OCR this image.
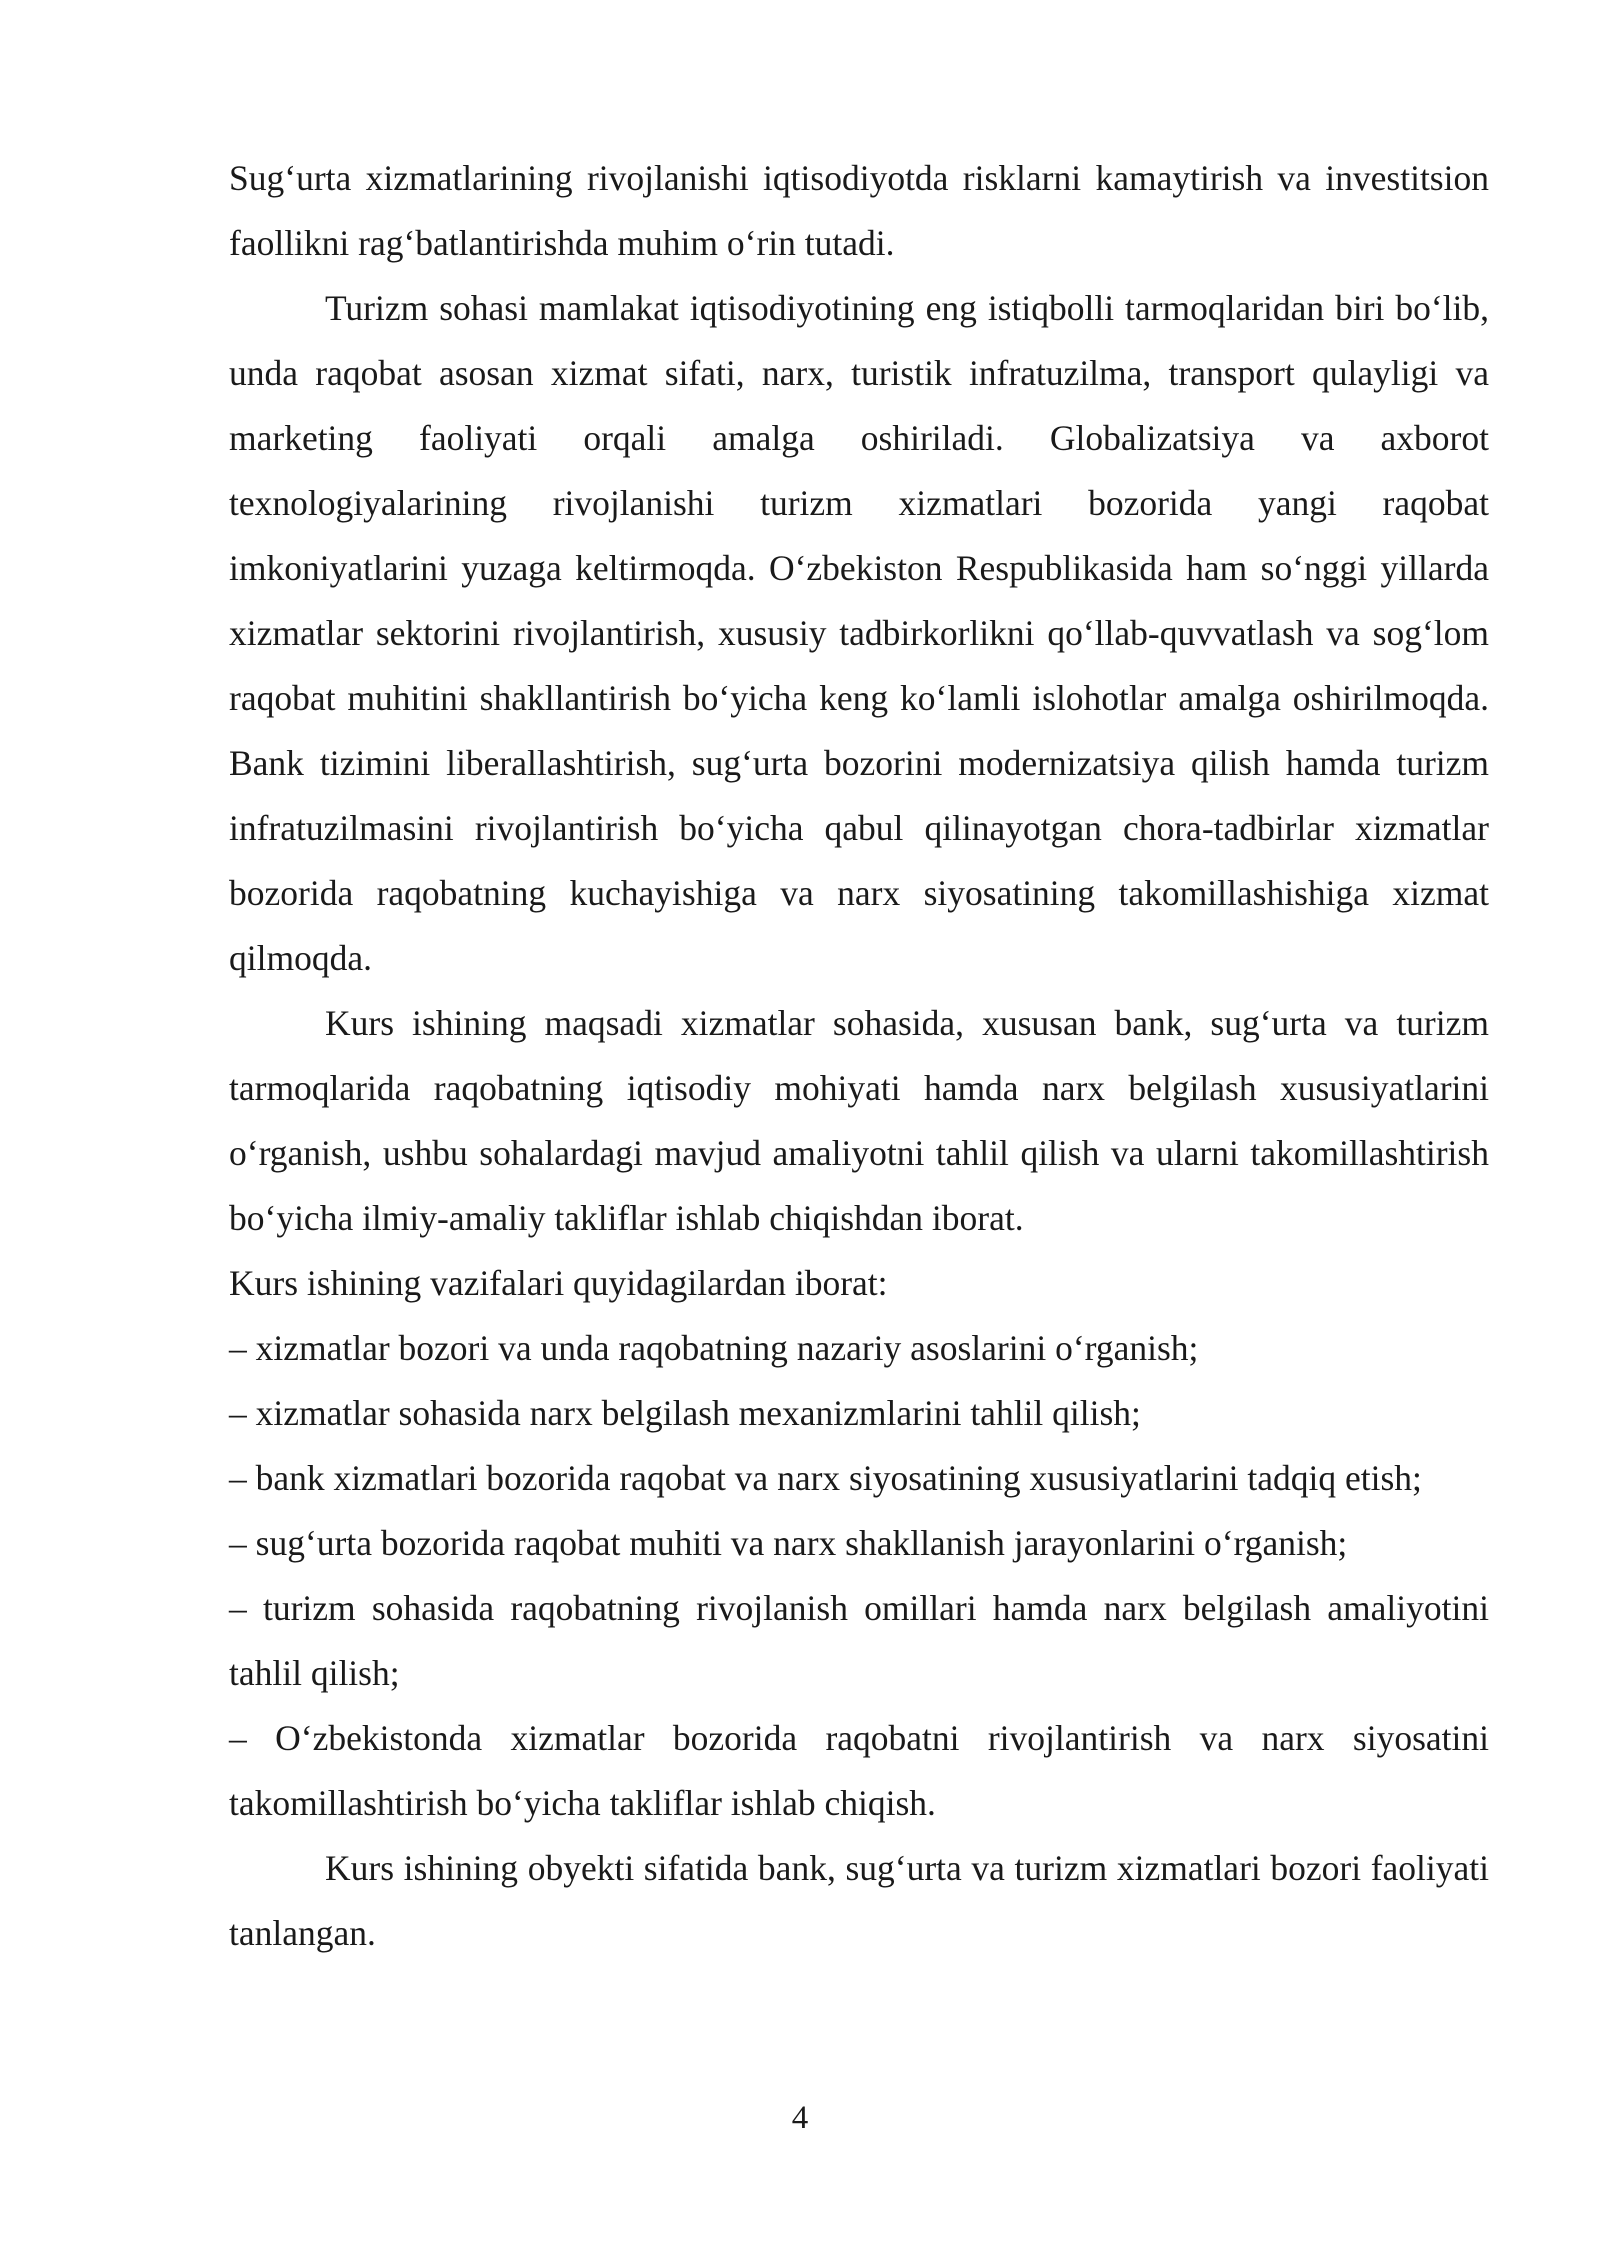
Sug‘urta xizmatlarining rivojlanishi iqtisodiyotda risklarni kamaytirish va investitsion faollikni rag‘batlantirishda muhim o‘rin tutadi.

Turizm sohasi mamlakat iqtisodiyotining eng istiqbolli tarmoqlaridan biri bo‘lib, unda raqobat asosan xizmat sifati, narx, turistik infratuzilma, transport qulayligi va marketing faoliyati orqali amalga oshiriladi. Globalizatsiya va axborot texnologiyalarining rivojlanishi turizm xizmatlari bozorida yangi raqobat imkoniyatlarini yuzaga keltirmoqda. O‘zbekiston Respublikasida ham so‘nggi yillarda xizmatlar sektorini rivojlantirish, xususiy tadbirkorlikni qo‘llab-quvvatlash va sog‘lom raqobat muhitini shakllantirish bo‘yicha keng ko‘lamli islohotlar amalga oshirilmoqda. Bank tizimini liberallashtirish, sug‘urta bozorini modernizatsiya qilish hamda turizm infratuzilmasini rivojlantirish bo‘yicha qabul qilinayotgan chora-tadbirlar xizmatlar bozorida raqobatning kuchayishiga va narx siyosatining takomillashishiga xizmat qilmoqda.

Kurs ishining maqsadi xizmatlar sohasida, xususan bank, sug‘urta va turizm tarmoqlarida raqobatning iqtisodiy mohiyati hamda narx belgilash xususiyatlarini o‘rganish, ushbu sohalardagi mavjud amaliyotni tahlil qilish va ularni takomillashtirish bo‘yicha ilmiy-amaliy takliflar ishlab chiqishdan iborat.

Kurs ishining vazifalari quyidagilardan iborat:

– xizmatlar bozori va unda raqobatning nazariy asoslarini o‘rganish;

– xizmatlar sohasida narx belgilash mexanizmlarini tahlil qilish;

– bank xizmatlari bozorida raqobat va narx siyosatining xususiyatlarini tadqiq etish;

– sug‘urta bozorida raqobat muhiti va narx shakllanish jarayonlarini o‘rganish;

– turizm sohasida raqobatning rivojlanish omillari hamda narx belgilash amaliyotini tahlil qilish;

– O‘zbekistonda xizmatlar bozorida raqobatni rivojlantirish va narx siyosatini takomillashtirish bo‘yicha takliflar ishlab chiqish.

Kurs ishining obyekti sifatida bank, sug‘urta va turizm xizmatlari bozori faoliyati tanlangan.

4
